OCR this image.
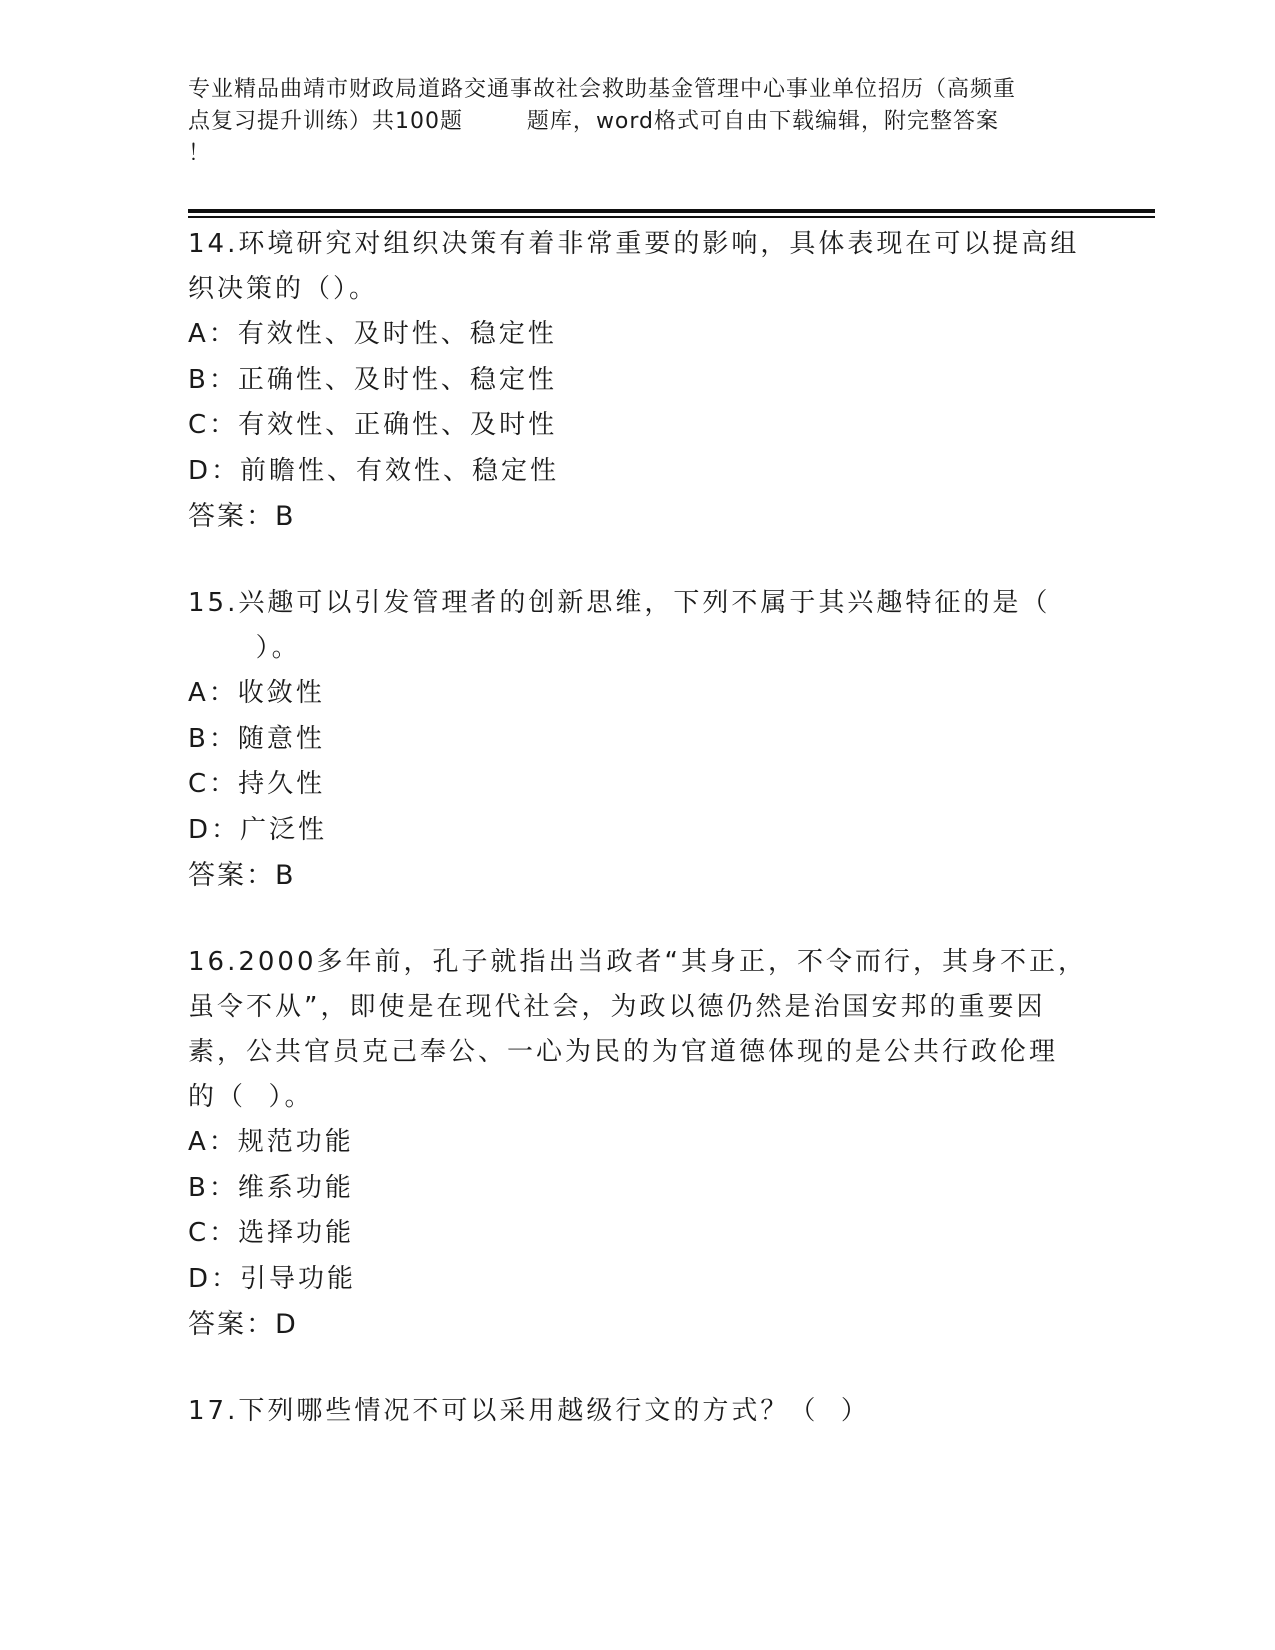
专业精品曲靖市财政局道路交通事故社会救助基金管理中心事业单位招历（高频重
点复习提升训练）共100题        题库，word格式可自由下载编辑，附完整答案
！
14.环境研究对组织决策有着非常重要的影响，具体表现在可以提高组
织决策的（）。
A：有效性、及时性、稳定性
B：正确性、及时性、稳定性
C：有效性、正确性、及时性
D：前瞻性、有效性、稳定性
答案：B
15.兴趣可以引发管理者的创新思维，下列不属于其兴趣特征的是（
）。
A：收敛性
B：随意性
C：持久性
D：广泛性
答案：B
16.2000多年前，孔子就指出当政者“其身正，不令而行，其身不正，
虽令不从”，即使是在现代社会，为政以德仍然是治国安邦的重要因
素，公共官员克己奉公、一心为民的为官道德体现的是公共行政伦理
的（  ）。
A：规范功能
B：维系功能
C：选择功能
D：引导功能
答案：D
17.下列哪些情况不可以采用越级行文的方式？（  ）
